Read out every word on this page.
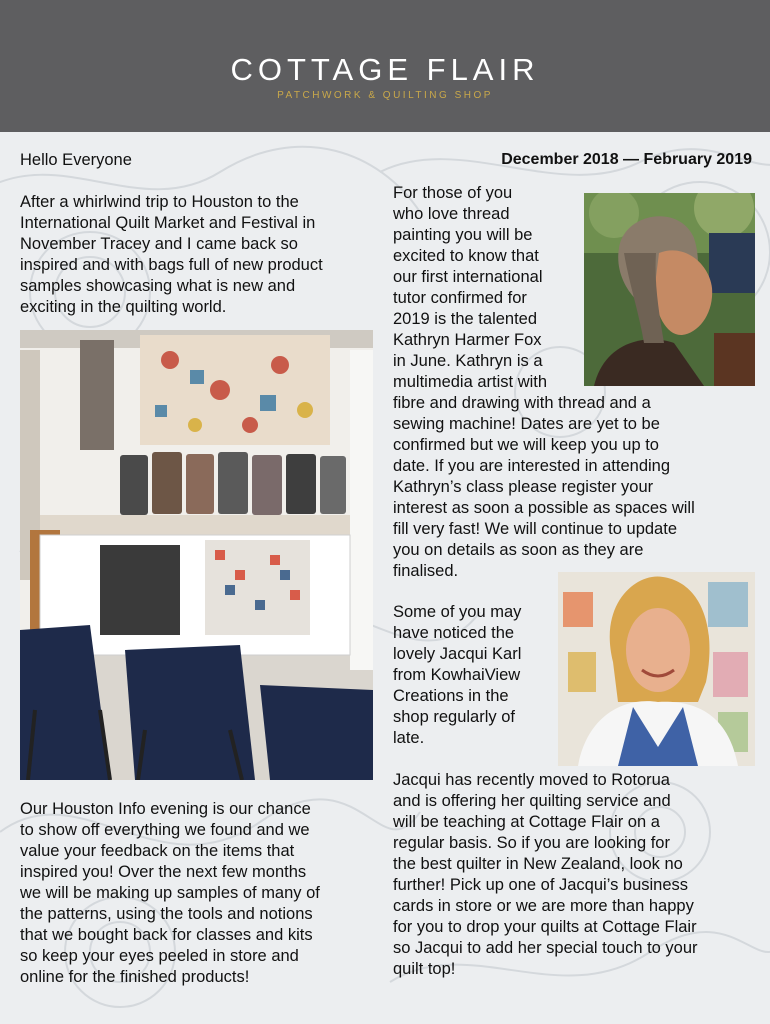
COTTAGE FLAIR
PATCHWORK & QUILTING SHOP
Hello Everyone	December 2018 — February 2019
After a whirlwind trip to Houston to the
International Quilt Market and Festival in
November Tracey and I came back so
inspired and with bags full of new product
samples showcasing what is new and
exciting in the quilting world.
For those of you
who love thread
painting you will be
excited to know that
our first international
tutor confirmed for
2019 is the talented
Kathryn Harmer Fox
in June. Kathryn is a
multimedia artist with
fibre and drawing with thread and a
sewing machine! Dates are yet to be
confirmed but we will keep you up to
date. If you are interested in attending
Kathryn’s class please register your
interest as soon a possible as spaces will
fill very fast! We will continue to update
you on details as soon as they are
finalised.
Some of you may
have noticed the
lovely Jacqui Karl
from KowhaiView
Creations in the
shop regularly of
late.
Jacqui has recently moved to Rotorua
and is offering her quilting service and
will be teaching at Cottage Flair on a
regular basis. So if you are looking for
the best quilter in New Zealand, look no
further! Pick up one of Jacqui’s business
cards in store or we are more than happy
for you to drop your quilts at Cottage Flair
so Jacqui to add her special touch to your
quilt top!
Our Houston Info evening is our chance
to show off everything we found and we
value your feedback on the items that
inspired you! Over the next few months
we will be making up samples of many of
the patterns, using the tools and notions
that we bought back for classes and kits
so keep your eyes peeled in store and
online for the finished products!
